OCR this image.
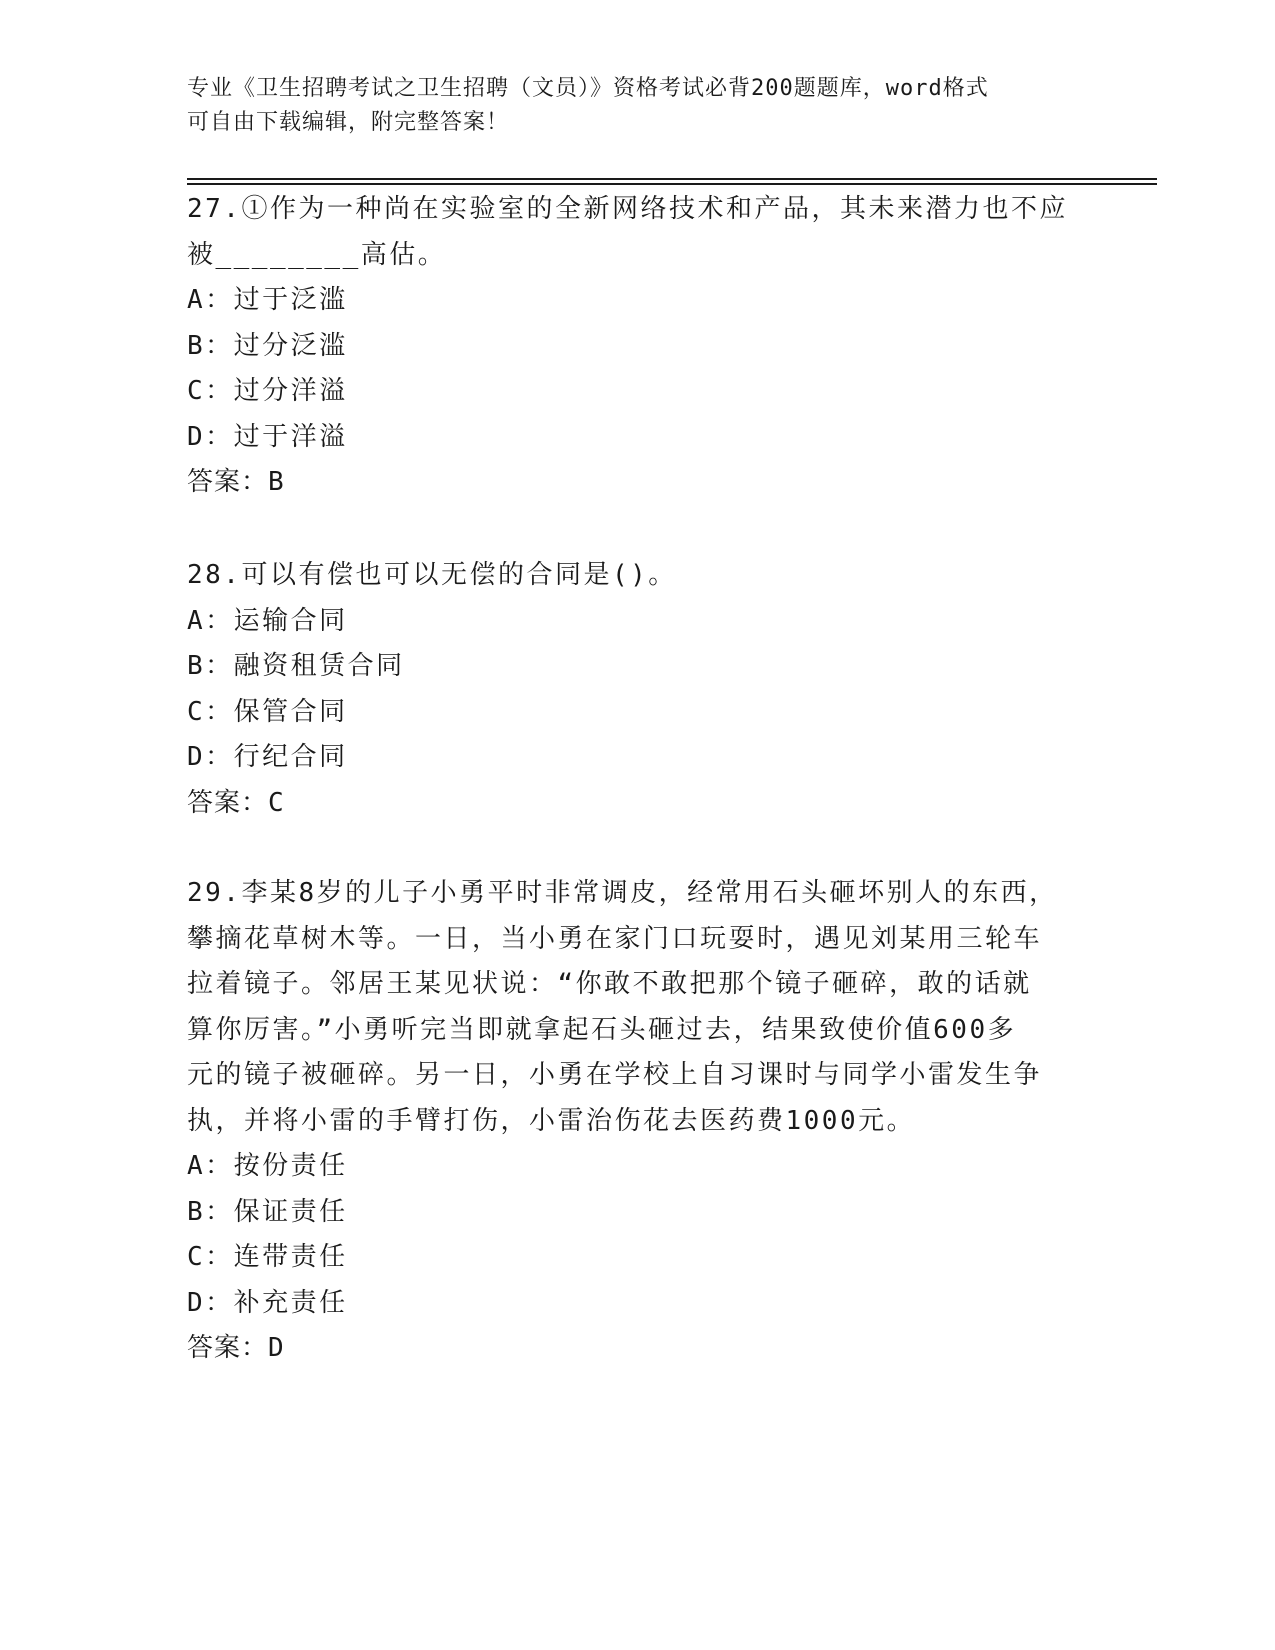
专业《卫生招聘考试之卫生招聘（文员）》资格考试必背200题题库，word格式
可自由下载编辑，附完整答案！

27.①作为一种尚在实验室的全新网络技术和产品，其未来潜力也不应

被________高估。

A：过于泛滥

B：过分泛滥

C：过分洋溢

D：过于洋溢

答案：B

28.可以有偿也可以无偿的合同是()。

A：运输合同

B：融资租赁合同

C：保管合同

D：行纪合同

答案：C

29.李某8岁的儿子小勇平时非常调皮，经常用石头砸坏别人的东西，

攀摘花草树木等。一日，当小勇在家门口玩耍时，遇见刘某用三轮车

拉着镜子。邻居王某见状说：“你敢不敢把那个镜子砸碎，敢的话就

算你厉害。”小勇听完当即就拿起石头砸过去，结果致使价值600多

元的镜子被砸碎。另一日，小勇在学校上自习课时与同学小雷发生争

执，并将小雷的手臂打伤，小雷治伤花去医药费1000元。

A：按份责任

B：保证责任

C：连带责任

D：补充责任

答案：D
